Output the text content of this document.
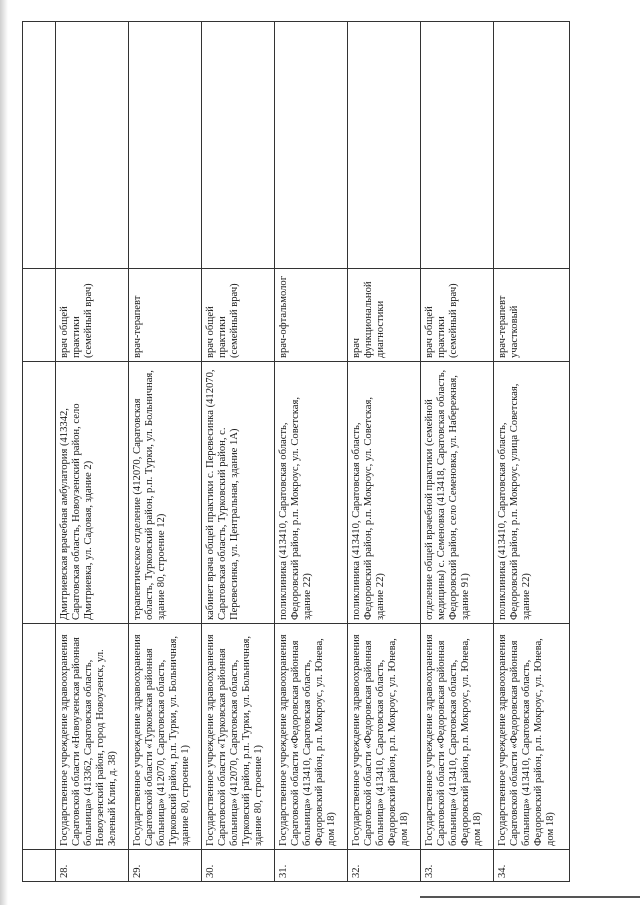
28.	Государственное учреждение здравоохранения Саратовской области «Новоузенская районная больница» (413362, Саратовская область, Новоузенский район, город Новоузенск, ул. Зеленый Клин, д. 38)	Дмитриевская врачебная амбулатория (413342, Саратовская область, Новоузенский район, село Дмитриевка, ул. Садовая, здание 2)	врач общей практики (семейный врач)	
29.	Государственное учреждение здравоохранения Саратовской области «Турковская районная больница» (412070, Саратовская область, Турковский район, р.п. Турки, ул. Больничная, здание 80, строение 1)	терапевтическое отделение (412070, Саратовская область, Турковский район, р.п. Турки, ул. Больничная, здание 80, строение 12)	врач-терапевт	
30.	Государственное учреждение здравоохранения Саратовской области «Турковская районная больница» (412070, Саратовская область, Турковский район, р.п. Турки, ул. Больничная, здание 80, строение 1)	кабинет врача общей практики с. Перевесинка (412070, Саратовская область, Турковский район, с. Перевесинка, ул. Центральная, здание 1А)	врач общей практики (семейный врач)	
31.	Государственное учреждение здравоохранения Саратовской области «Федоровская районная больница» (413410, Саратовская область, Федоровский район, р.п. Мокроус, ул. Юнева, дом 18)	поликлиника (413410, Саратовская область, Федоровский район, р.п. Мокроус, ул. Советская, здание 22)	врач-офтальмолог	
32.	Государственное учреждение здравоохранения Саратовской области «Федоровская районная больница» (413410, Саратовская область, Федоровский район, р.п. Мокроус, ул. Юнева, дом 18)	поликлиника (413410, Саратовская область, Федоровский район, р.п. Мокроус, ул. Советская, здание 22)	врач функциональной диагностики	
33.	Государственное учреждение здравоохранения Саратовской области «Федоровская районная больница» (413410, Саратовская область, Федоровский район, р.п. Мокроус, ул. Юнева, дом 18)	отделение общей врачебной практики (семейной медицины) с. Семеновка (413418, Саратовская область, Федоровский район, село Семеновка, ул. Набережная, здание 91)	врач общей практики (семейный врач)	
34.	Государственное учреждение здравоохранения Саратовской области «Федоровская районная больница» (413410, Саратовская область, Федоровский район, р.п. Мокроус, ул. Юнева, дом 18)	поликлиника (413410, Саратовская область, Федоровский район, р.п. Мокроус, улица Советская, здание 22)	врач-терапевт участковый	
